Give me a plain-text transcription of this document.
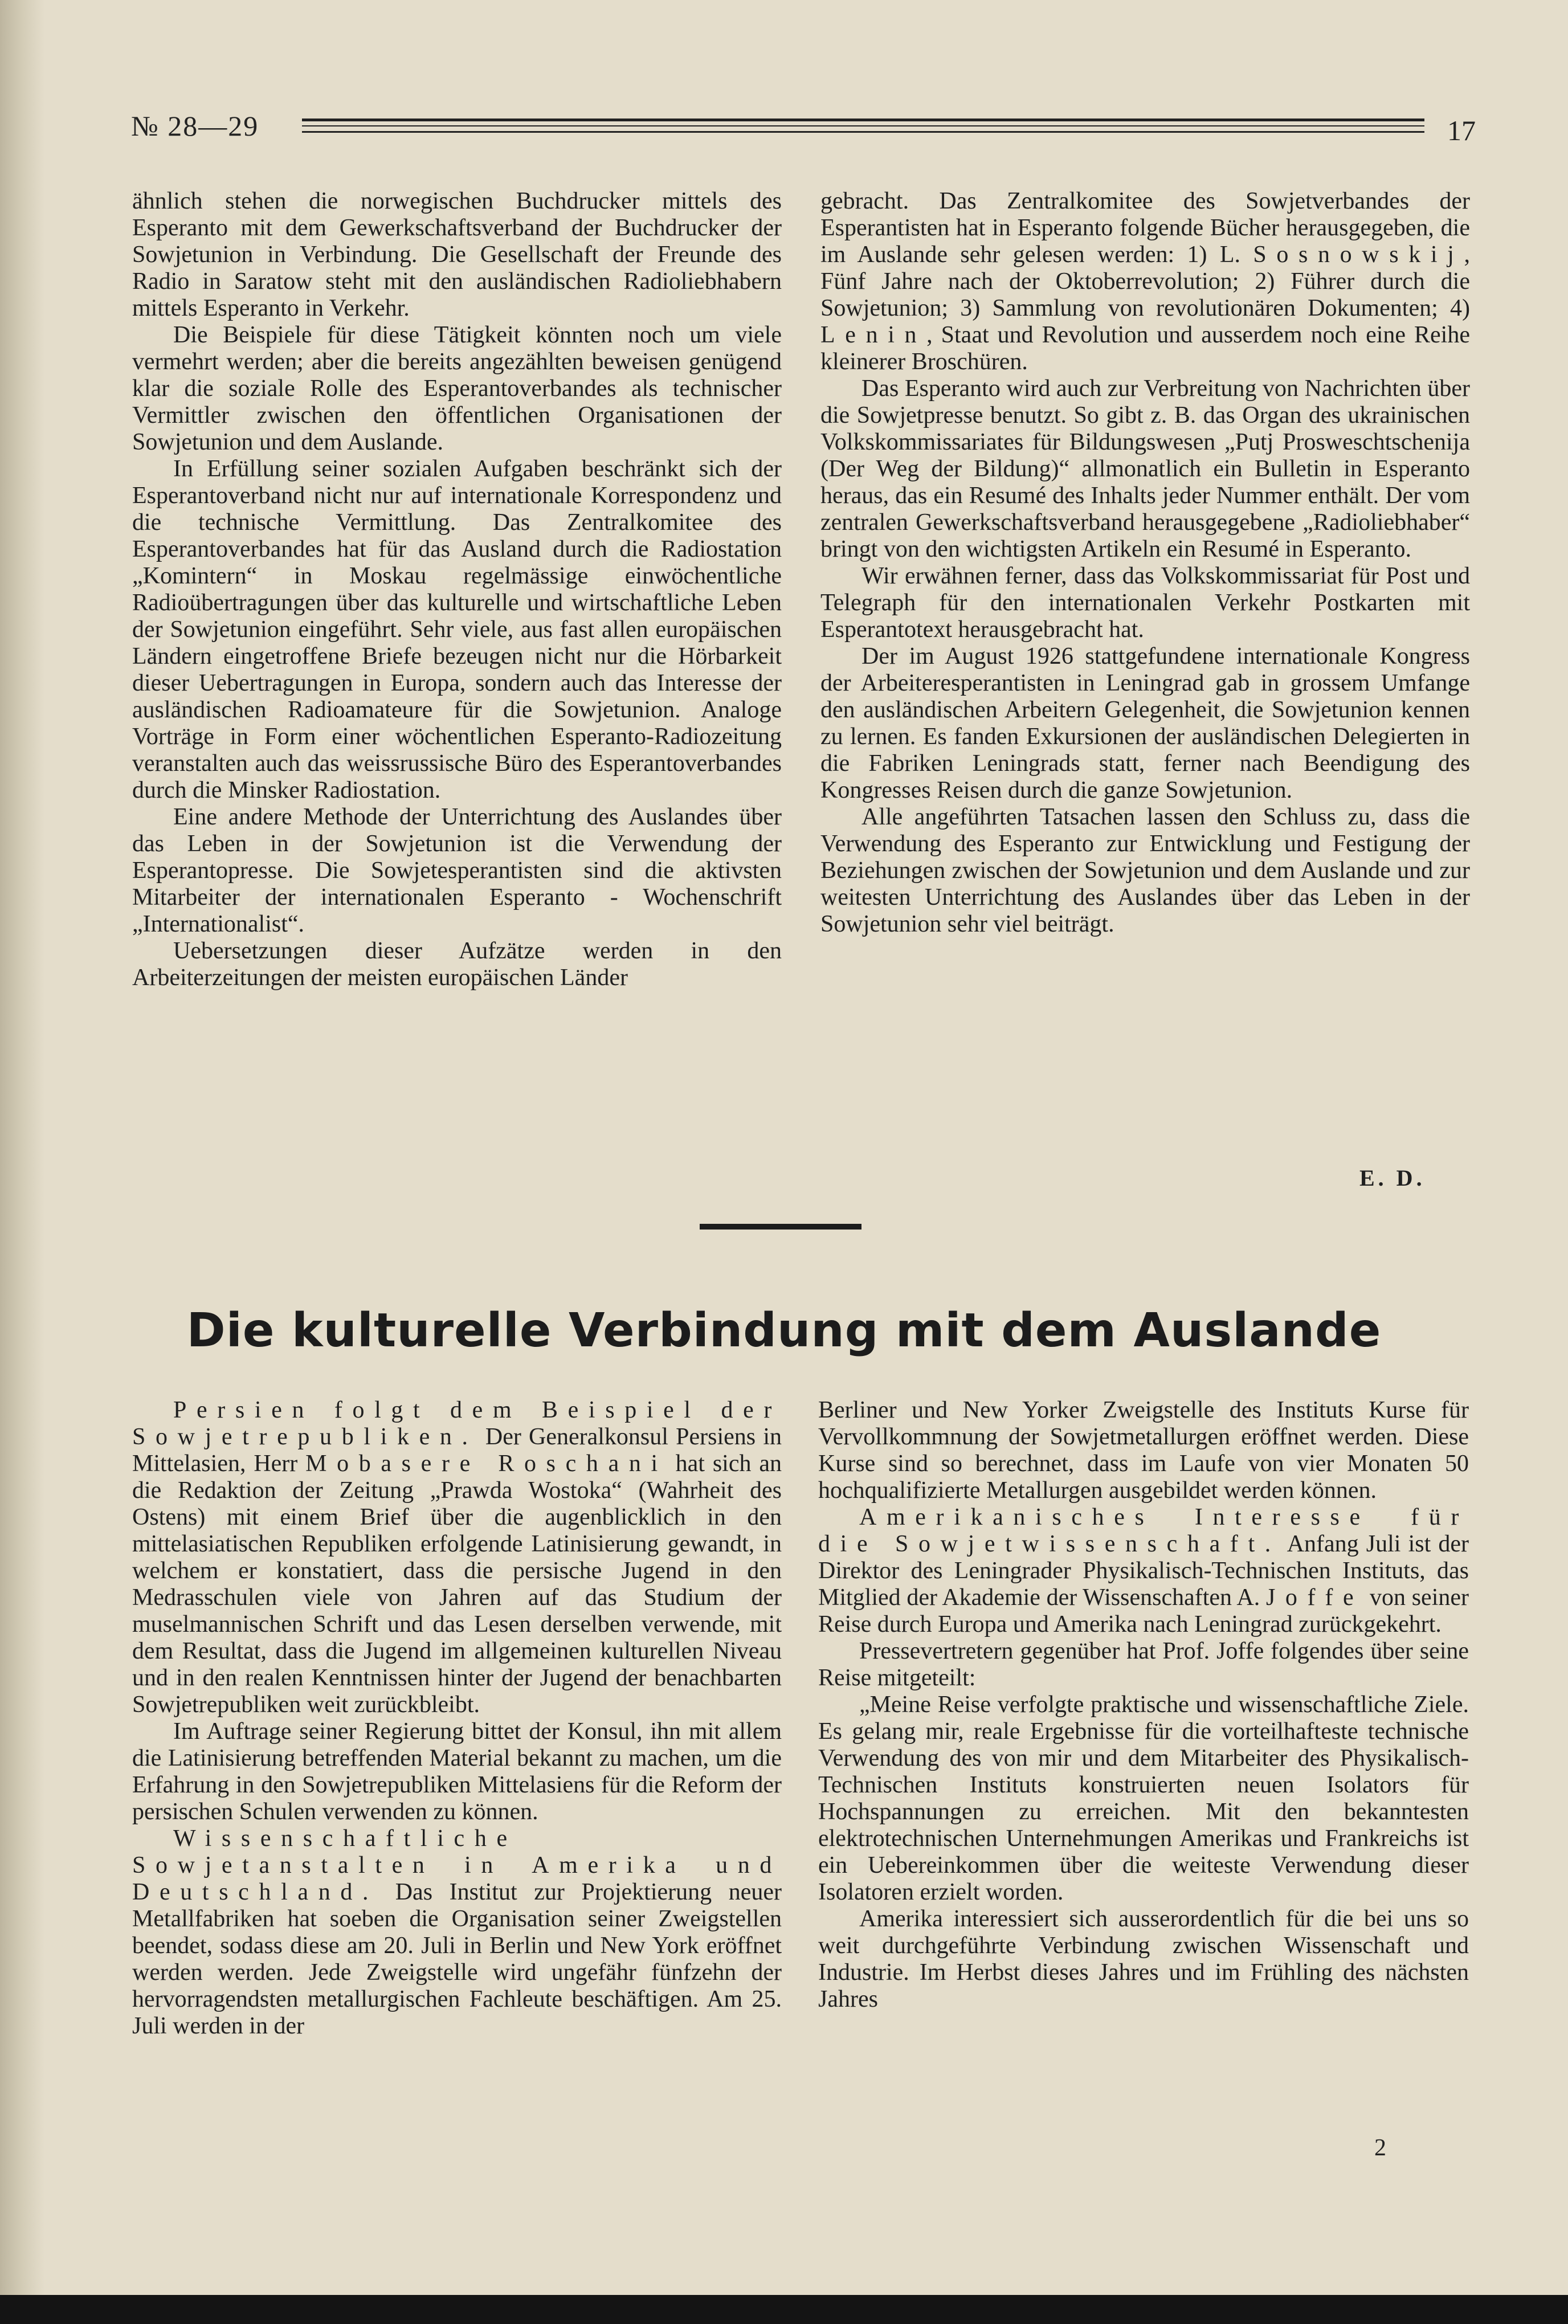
№ 28—29	17

ähnlich stehen die norwegischen Buchdrucker mittels des Esperanto mit dem Gewerkschaftsverband der Buchdrucker der Sowjetunion in Verbindung. Die Gesellschaft der Freunde des Radio in Saratow steht mit den ausländischen Radioliebhabern mittels Esperanto in Verkehr.

Die Beispiele für diese Tätigkeit könnten noch um viele vermehrt werden; aber die bereits angezählten beweisen genügend klar die soziale Rolle des Esperantoverbandes als technischer Vermittler zwischen den öffentlichen Organisationen der Sowjetunion und dem Auslande.

In Erfüllung seiner sozialen Aufgaben beschränkt sich der Esperantoverband nicht nur auf internationale Korrespondenz und die technische Vermittlung. Das Zentralkomitee des Esperantoverbandes hat für das Ausland durch die Radiostation „Komintern“ in Moskau regelmässige einwöchentliche Radioübertragungen über das kulturelle und wirtschaftliche Leben der Sowjetunion eingeführt. Sehr viele, aus fast allen europäischen Ländern eingetroffene Briefe bezeugen nicht nur die Hörbarkeit dieser Uebertragungen in Europa, sondern auch das Interesse der ausländischen Radioamateure für die Sowjetunion. Analoge Vorträge in Form einer wöchentlichen Esperanto-Radiozeitung veranstalten auch das weissrussische Büro des Esperantoverbandes durch die Minsker Radiostation.

Eine andere Methode der Unterrichtung des Auslandes über das Leben in der Sowjetunion ist die Verwendung der Esperantopresse. Die Sowjetesperantisten sind die aktivsten Mitarbeiter der internationalen Esperanto - Wochenschrift „Internationalist“.

Uebersetzungen dieser Aufzätze werden in den Arbeiterzeitungen der meisten europäischen Länder

gebracht. Das Zentralkomitee des Sowjetverbandes der Esperantisten hat in Esperanto folgende Bücher herausgegeben, die im Auslande sehr gelesen werden: 1) L. Sosnowskij, Fünf Jahre nach der Oktoberrevolution; 2) Führer durch die Sowjetunion; 3) Sammlung von revolutionären Dokumenten; 4) Lenin, Staat und Revolution und ausserdem noch eine Reihe kleinerer Broschüren.

Das Esperanto wird auch zur Verbreitung von Nachrichten über die Sowjetpresse benutzt. So gibt z. B. das Organ des ukrainischen Volkskommissariates für Bildungswesen „Putj Prosweschtschenija (Der Weg der Bildung)“ allmonatlich ein Bulletin in Esperanto heraus, das ein Resumé des Inhalts jeder Nummer enthält. Der vom zentralen Gewerkschaftsverband herausgegebene „Radioliebhaber“ bringt von den wichtigsten Artikeln ein Resumé in Esperanto.

Wir erwähnen ferner, dass das Volkskommissariat für Post und Telegraph für den internationalen Verkehr Postkarten mit Esperantotext herausgebracht hat.

Der im August 1926 stattgefundene internationale Kongress der Arbeiteresperantisten in Leningrad gab in grossem Umfange den ausländischen Arbeitern Gelegenheit, die Sowjetunion kennen zu lernen. Es fanden Exkursionen der ausländischen Delegierten in die Fabriken Leningrads statt, ferner nach Beendigung des Kongresses Reisen durch die ganze Sowjetunion.

Alle angeführten Tatsachen lassen den Schluss zu, dass die Verwendung des Esperanto zur Entwicklung und Festigung der Beziehungen zwischen der Sowjetunion und dem Auslande und zur weitesten Unterrichtung des Auslandes über das Leben in der Sowjetunion sehr viel beiträgt.

E. D.
Die kulturelle Verbindung mit dem Auslande

Persien folgt dem Beispiel der Sowjetrepubliken. Der Generalkonsul Persiens in Mittelasien, Herr Mobasere Roschani hat sich an die Redaktion der Zeitung „Prawda Wostoka“ (Wahrheit des Ostens) mit einem Brief über die augenblicklich in den mittelasiatischen Republiken erfolgende Latinisierung gewandt, in welchem er konstatiert, dass die persische Jugend in den Medrasschulen viele von Jahren auf das Studium der muselmannischen Schrift und das Lesen derselben verwende, mit dem Resultat, dass die Jugend im allgemeinen kulturellen Niveau und in den realen Kenntnissen hinter der Jugend der benachbarten Sowjetrepubliken weit zurückbleibt.

Im Auftrage seiner Regierung bittet der Konsul, ihn mit allem die Latinisierung betreffenden Material bekannt zu machen, um die Erfahrung in den Sowjetrepubliken Mittelasiens für die Reform der persischen Schulen verwenden zu können.

Wissenschaftliche Sowjetanstalten in Amerika und Deutschland. Das Institut zur Projektierung neuer Metallfabriken hat soeben die Organisation seiner Zweigstellen beendet, sodass diese am 20. Juli in Berlin und New York eröffnet werden werden. Jede Zweigstelle wird ungefähr fünfzehn der hervorragendsten metallurgischen Fachleute beschäftigen. Am 25. Juli werden in der

Berliner und New Yorker Zweigstelle des Instituts Kurse für Vervollkommnung der Sowjetmetallurgen eröffnet werden. Diese Kurse sind so berechnet, dass im Laufe von vier Monaten 50 hochqualifizierte Metallurgen ausgebildet werden können.

Amerikanisches Interesse für die Sowjetwissenschaft. Anfang Juli ist der Direktor des Leningrader Physikalisch-Technischen Instituts, das Mitglied der Akademie der Wissenschaften A. Joffe von seiner Reise durch Europa und Amerika nach Leningrad zurückgekehrt.

Pressevertretern gegenüber hat Prof. Joffe folgendes über seine Reise mitgeteilt:

„Meine Reise verfolgte praktische und wissenschaftliche Ziele. Es gelang mir, reale Ergebnisse für die vorteilhafteste technische Verwendung des von mir und dem Mitarbeiter des Physikalisch-Technischen Instituts konstruierten neuen Isolators für Hochspannungen zu erreichen. Mit den bekanntesten elektrotechnischen Unternehmungen Amerikas und Frankreichs ist ein Uebereinkommen über die weiteste Verwendung dieser Isolatoren erzielt worden.

Amerika interessiert sich ausserordentlich für die bei uns so weit durchgeführte Verbindung zwischen Wissenschaft und Industrie. Im Herbst dieses Jahres und im Frühling des nächsten Jahres

2
